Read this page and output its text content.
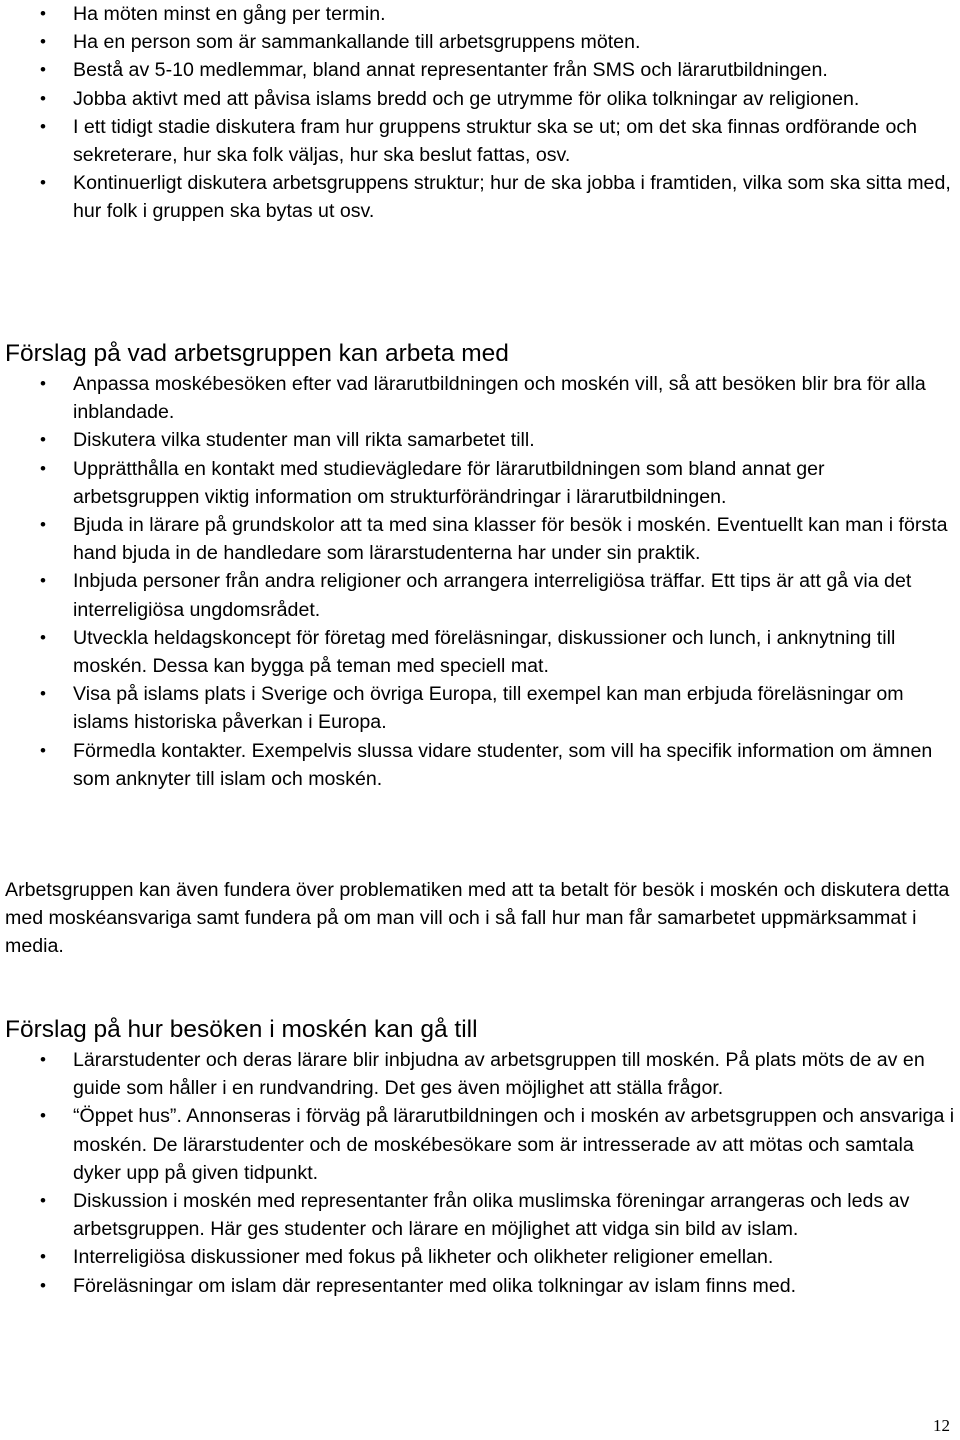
• Ha möten minst en gång per termin.
• Ha en person som är sammankallande till arbetsgruppens möten.
• Bestå av 5-10 medlemmar, bland annat representanter från SMS och lärarutbildningen.
• Jobba aktivt med att påvisa islams bredd och ge utrymme för olika tolkningar av religionen.
• I ett tidigt stadie diskutera fram hur gruppens struktur ska se ut; om det ska finnas ordförande och sekreterare, hur ska folk väljas, hur ska beslut fattas, osv.
• Kontinuerligt diskutera arbetsgruppens struktur; hur de ska jobba i framtiden, vilka som ska sitta med, hur folk i gruppen ska bytas ut osv.
Förslag på vad arbetsgruppen kan arbeta med
• Anpassa moskébesöken efter vad lärarutbildningen och moskén vill, så att besöken blir bra för alla inblandade.
• Diskutera vilka studenter man vill rikta samarbetet till.
• Upprätthålla en kontakt med studievägledare för lärarutbildningen som bland annat ger arbetsgruppen viktig information om strukturförändringar i lärarutbildningen.
• Bjuda in lärare på grundskolor att ta med sina klasser för besök i moskén. Eventuellt kan man i första hand bjuda in de handledare som lärarstudenterna har under sin praktik.
• Inbjuda personer från andra religioner och arrangera interreligiösa träffar. Ett tips är att gå via det interreligiösa ungdomsrådet.
• Utveckla heldagskoncept för företag med föreläsningar, diskussioner och lunch, i anknytning till moskén. Dessa kan bygga på teman med speciell mat.
• Visa på islams plats i Sverige och övriga Europa, till exempel kan man erbjuda föreläsningar om islams historiska påverkan i Europa.
• Förmedla kontakter. Exempelvis slussa vidare studenter, som vill ha specifik information om ämnen som anknyter till islam och moskén.

Arbetsgruppen kan även fundera över problematiken med att ta betalt för besök i moskén och diskutera detta med moskéansvariga samt fundera på om man vill och i så fall hur man får samarbetet uppmärksammat i media.

Förslag på hur besöken i moskén kan gå till
• Lärarstudenter och deras lärare blir inbjudna av arbetsgruppen till moskén. På plats möts de av en guide som håller i en rundvandring. Det ges även möjlighet att ställa frågor.
• “Öppet hus”. Annonseras i förväg på lärarutbildningen och i moskén av arbetsgruppen och ansvariga i moskén. De lärarstudenter och de moskébesökare som är intresserade av att mötas och samtala dyker upp på given tidpunkt.
• Diskussion i moskén med representanter från olika muslimska föreningar arrangeras och leds av arbetsgruppen. Här ges studenter och lärare en möjlighet att vidga sin bild av islam.
• Interreligiösa diskussioner med fokus på likheter och olikheter religioner emellan.
• Föreläsningar om islam där representanter med olika tolkningar av islam finns med.
12
